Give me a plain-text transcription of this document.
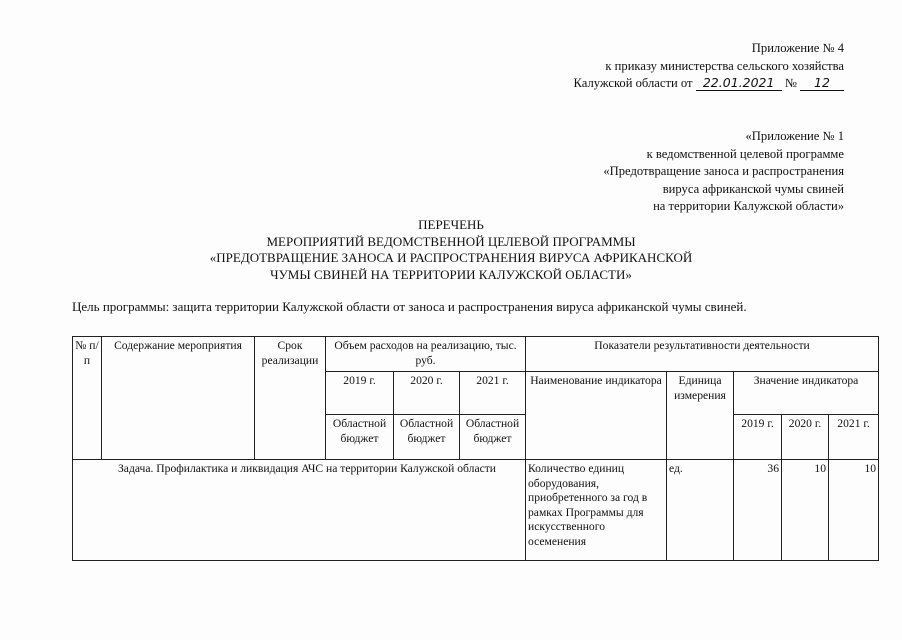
Приложение № 4
к приказу министерства сельского хозяйства
Калужской области от 22.01.2021 № 12
«Приложение № 1
к ведомственной целевой программе
«Предотвращение заноса и распространения
вируса африканской чумы свиней
на территории Калужской области»
ПЕРЕЧЕНЬ
МЕРОПРИЯТИЙ ВЕДОМСТВЕННОЙ ЦЕЛЕВОЙ ПРОГРАММЫ
«ПРЕДОТВРАЩЕНИЕ ЗАНОСА И РАСПРОСТРАНЕНИЯ ВИРУСА АФРИКАНСКОЙ
ЧУМЫ СВИНЕЙ НА ТЕРРИТОРИИ КАЛУЖСКОЙ ОБЛАСТИ»
Цель программы: защита территории Калужской области от заноса и распространения вируса африканской чумы свиней.
№ п/п	Содержание мероприятия	Срок реализации	Объем расходов на реализацию, тыс. руб.			Показатели результативности деятельности				
			2019 г.	2020 г.	2021 г.	Наименование индикатора	Единица измерения	Значение индикатора		
			Областной бюджет	Областной бюджет	Областной бюджет			2019 г.	2020 г.	2021 г.

Задача. Профилактика и ликвидация АЧС на территории Калужской области						Количество единиц оборудования, приобретенного за год в рамках Программы для искусственного осеменения	ед.	36	10	10
